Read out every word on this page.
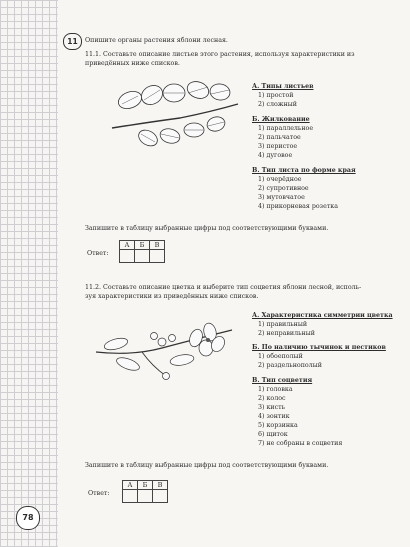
11	Опишите органы растения яблони лесная.
11.1. Составьте описание листьев этого растения, используя характеристики из
приведённых ниже списков.
А. Типы листьев
1) простой
2) сложный
Б. Жилкование
1) параллельное
2) пальчатое
3) перистое
4) дуговое
В. Тип листа по форме края
1) очерёдное
2) супротивное
3) мутовчатое
4) прикорневая розетка
Запишите в таблицу выбранные цифры под соответствующими буквами.
Ответ:
А	Б	В

11.2. Составьте описание цветка и выберите тип соцветия яблони лесной, исполь-
зуя характеристики из приведённых ниже списков.
А. Характеристика симметрии цветка
1) правильный
2) неправильный
Б. По наличию тычинок и пестиков
1) обоеполый
2) раздельнополый
В. Тип соцветия
1) головка
2) колос
3) кисть
4) зонтик
5) корзинка
6) щиток
7) не собраны в соцветия
Запишите в таблицу выбранные цифры под соответствующими буквами.
Ответ:
А	Б	В

78
